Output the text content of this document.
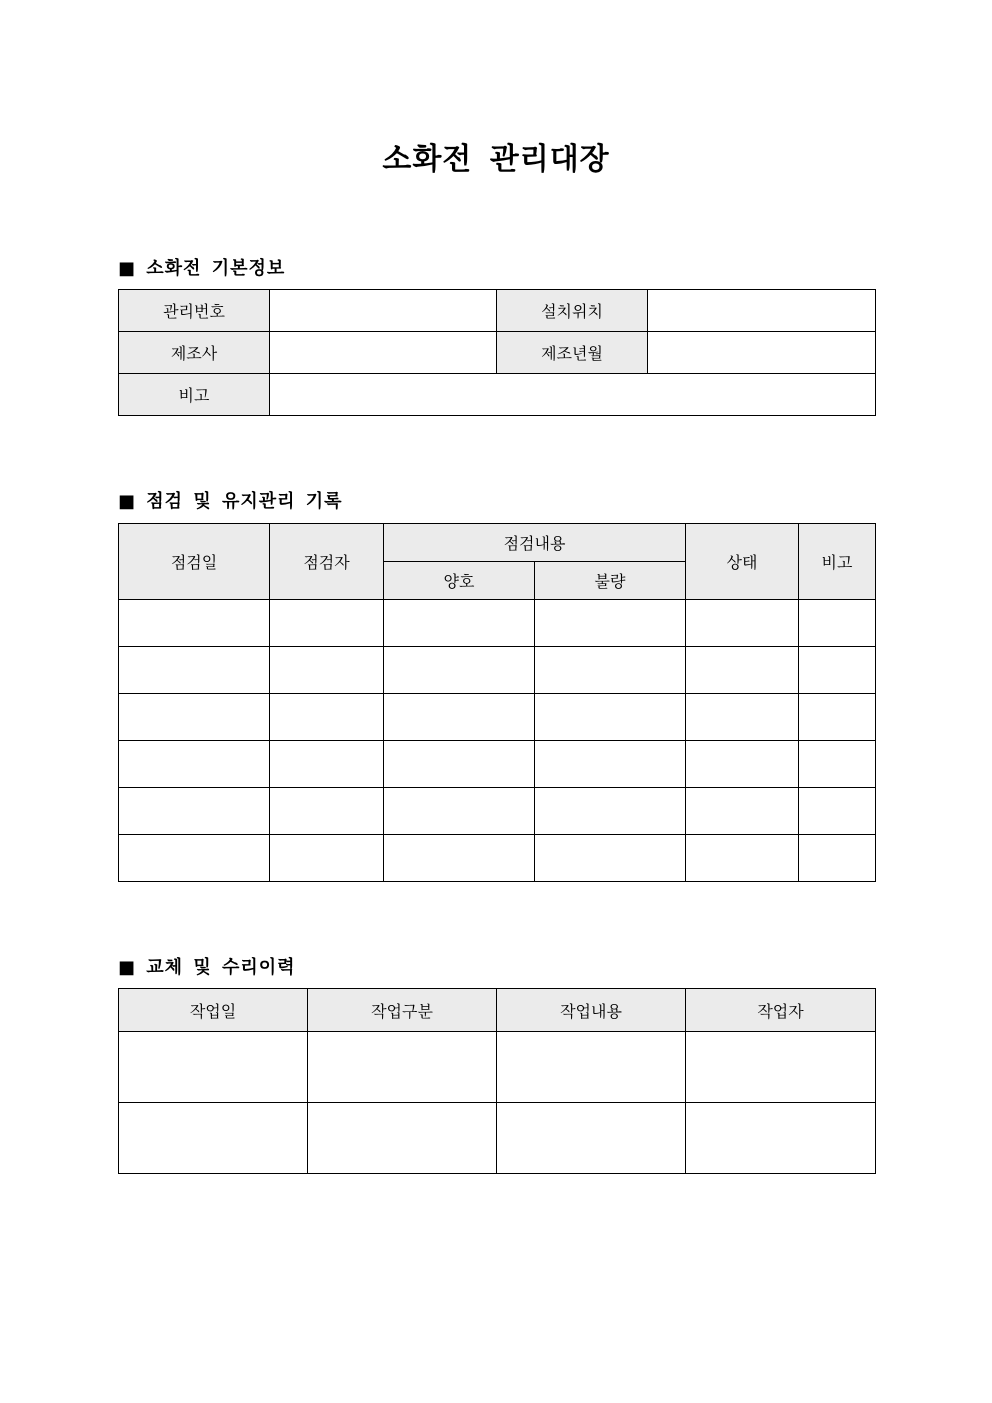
소화전 관리대장
■ 소화전 기본정보
관리번호		설치위치	
제조사		제조년월	
비고			
■ 점검 및 유지관리 기록
점검일	점검자	점검내용		상태	비고
		양호	불량		

■ 교체 및 수리이력
작업일	작업구분	작업내용	작업자
